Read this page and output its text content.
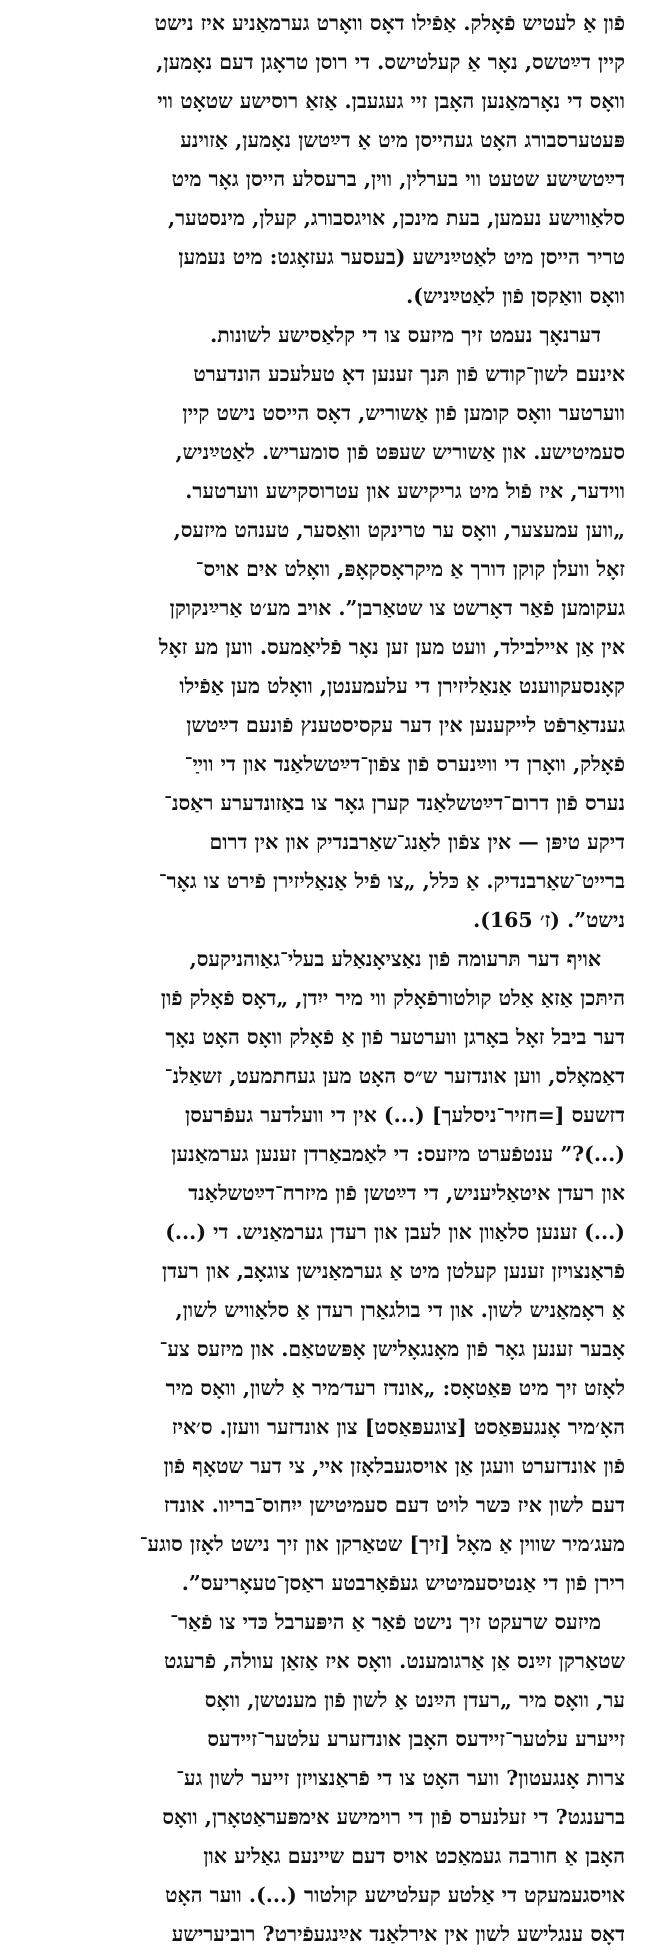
פֿון אַ לעטיש פֿאָלק. אַפֿילו דאָס וואָרט גערמאַניע איז נישט
קיין דײַטשס, נאָר אַ קעלטישס. די רוסן טראָגן דעם נאָמען,
וואָס די נאָרמאַנען האָבן זיי געגעבן. אַזאַ רוסישע שטאָט ווי
פּעטערסבורג האָט געהייסן מיט אַ דײַטשן נאָמען, אַזוינע
דײַטשישע שטעט ווי בערלין, ווין, ברעסלע הייסן גאָר מיט
סלאַווישע נעמען, בעת מינכן, אויגסבורג, קעלן, מינסטער,
טריר הייסן מיט לאַטײַנישע (בעסער געזאָגט: מיט נעמען
וואָס וואַקסן פֿון לאַטײַניש).
דערנאָך נעמט זיך מיזעס צו די קלאַסישע לשונות.
אינעם לשון־קודש פֿון תּנך זענען דאָ טעלעכע הונדערט
ווערטער וואָס קומען פֿון אַשוריש, דאָס הייסט נישט קיין
סעמיטישע. און אַשוריש שעפּט פֿון סומעריש. לאַטײַניש,
ווידער, איז פֿול מיט גריקישע און עטרוסקישע ווערטער.
„ווען עמעצער, וואָס ער טרינקט וואַסער, טענהט מיזעס,
זאָל וועלן קוקן דורך אַ מיקראָסקאָפּ, וואָלט אים אויס־
געקומען פֿאַר דאָרשט צו שטאַרבן”. אויב מע׳ט אַרײַנקוקן
אין אַן איילבילד, וועט מען זען נאָר פֿליאַמעס. ווען מע זאָל
קאָנסעקווענט אַנאַליזירן די עלעמענטן, וואָלט מען אַפֿילו
גענדאַרפֿט לייקענען אין דער עקסיסטענץ פֿונעם דײַטשן
פֿאָלק, וואָרן די ווײַנערס פֿון צפֿון־דײַטשלאַנד און די ווײַ־
נערס פֿון דרום־דײַטשלאַנד קערן גאָר צו באַזונדערע ראַסנ־
דיקע טיפּן — אין צפֿון לאַנג־שאַרבנדיק און אין דרום
ברייט־שאַרבנדיק. אַ כּלל, „צו פֿיל אַנאַליזירן פֿירט צו גאָר־
נישט”. (ז׳ 165).
אויף דער תּרעומה פֿון נאַציאָנאַלע בעלי־גאַוהניקעס,
היתּכן אַזאַ אַלט קולטורפֿאָלק ווי מיר ייִדן, „דאָס פֿאָלק פֿון
דער ביבל זאָל באָרגן ווערטער פֿון אַ פֿאָלק וואָס האָט נאָך
דאַמאָלס, ווען אונדזער ש״ס האָט מען געחתמעט, זשאַלנ־
דזשעס [=חזיר־ניסלעך] (...) אין די וועלדער געפֿרעסן
(...)?” ענטפֿערט מיזעס: די לאַמבאַרדן זענען גערמאַנען
און רעדן איטאַליעניש, די דײַטשן פֿון מיזרח־דײַטשלאַנד
(...) זענען סלאַוון און לעבן און רעדן גערמאַניש. די (...)
פֿראַנצויזן זענען קעלטן מיט אַ גערמאַנישן צוגאָב, און רעדן
אַ ראָמאַניש לשון. און די בולגאַרן רעדן אַ סלאַוויש לשון,
אָבער זענען גאָר פֿון מאָנגאָלישן אָפּשטאַם. און מיזעס צע־
לאָזט זיך מיט פּאַטאָס: „אונדז רעד׳מיר אַ לשון, וואָס מיר
האָ׳מיר אָנגעפּאַסט [צוגעפּאַסט] צון אונדזער וועזן. ס׳איז
פֿון אונדזערט וועגן אַן אויסגעבלאָזן איי, צי דער שטאָף פֿון
דעם לשון איז כּשר לויט דעם סעמיטישן ייִחוס־בריוו. אונדז
מעג׳מיר שווין אַ מאָל [זיך] שטאַרקן און זיך נישט לאָזן סוגע־
רירן פֿון די אַנטיסעמיטיש געפֿאַרבטע ראַסן־טעאָריעס”.
מיזעס שרעקט זיך נישט פֿאַר אַ היפּערבל כּדי צו פֿאַר־
שטאַרקן זײַנס אַן אַרגומענט. וואָס איז אַזאַן עוולה, פֿרעגט
ער, וואָס מיר „רעדן הײַנט אַ לשון פֿון מענטשן, וואָס
זייערע עלטער־זיידעס האָבן אונדזערע עלטער־זיידעס
צרות אָנגעטון? ווער האָט צו די פֿראַנצויזן זייער לשון גע־
ברענגט? די זעלנערס פֿון די רוימישע אימפּעראַטאָרן, וואָס
האָבן אַ חורבה געמאַכט אויס דעם שיינעם גאַליע און
אויסגעמעקט די אַלטע קעלטישע קולטור (...). ווער האָט
דאָס ענגלישע לשון אין אירלאַנד אײַנגעפֿירט? רוביערישע
